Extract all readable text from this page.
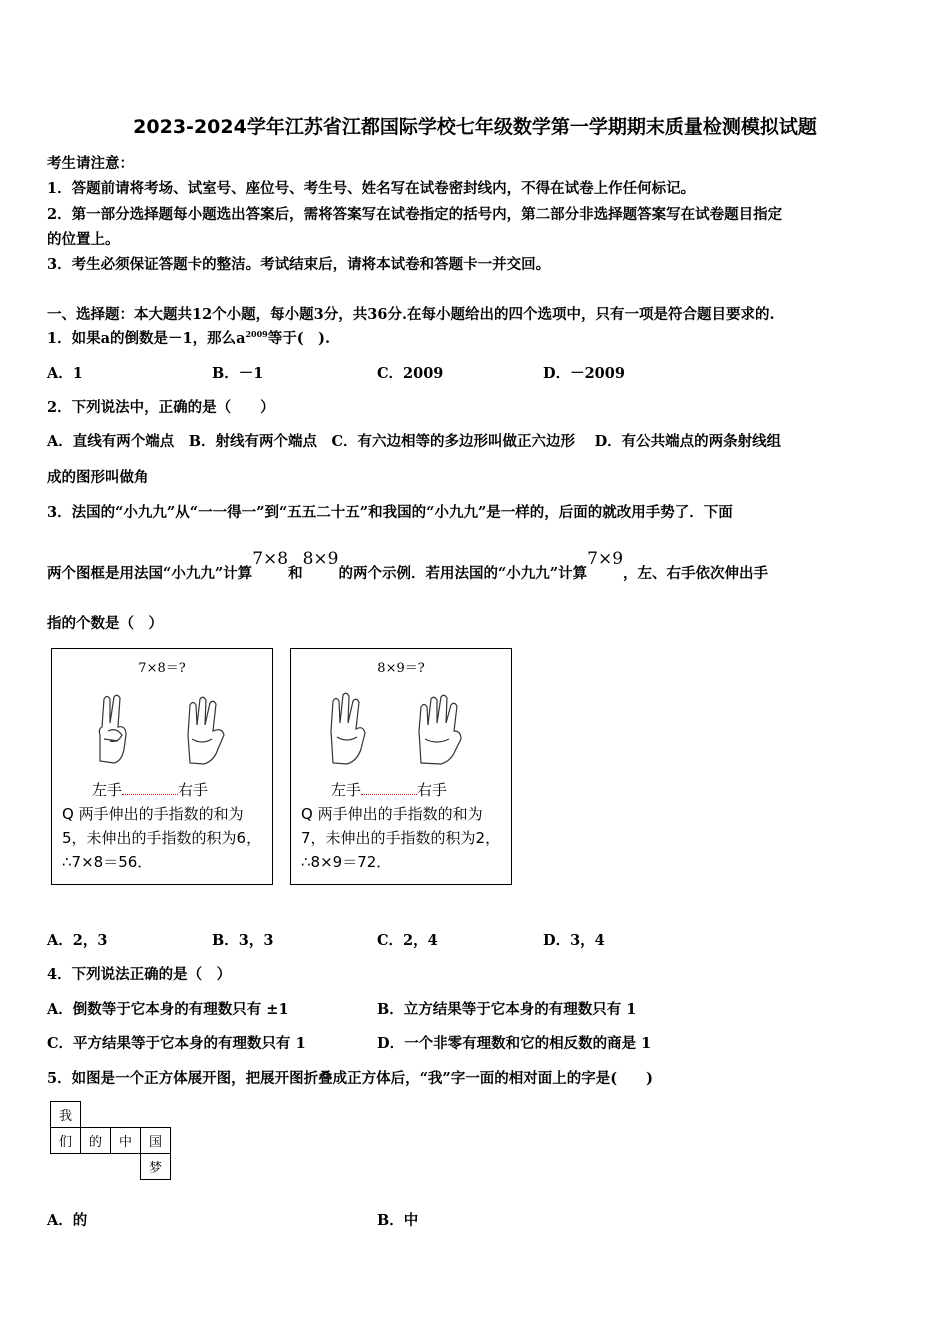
2023-2024学年江苏省江都国际学校七年级数学第一学期期末质量检测模拟试题
考生请注意：
1．答题前请将考场、试室号、座位号、考生号、姓名写在试卷密封线内，不得在试卷上作任何标记。
2．第一部分选择题每小题选出答案后，需将答案写在试卷指定的括号内，第二部分非选择题答案写在试卷题目指定
的位置上。
3．考生必须保证答题卡的整洁。考试结束后，请将本试卷和答题卡一并交回。
一、选择题：本大题共12个小题，每小题3分，共36分.在每小题给出的四个选项中，只有一项是符合题目要求的.
1．如果a的倒数是－1，那么$a^{2009}$等于(　).
A．1	B．－1	C．2009	D．－2009
2．下列说法中，正确的是（　　）
A．直线有两个端点　B．射线有两个端点　C．有六边相等的多边形叫做正六边形　 D．有公共端点的两条射线组
成的图形叫做角
3．法国的“小九九”从“一一得一”到“五五二十五”和我国的“小九九”是一样的，后面的就改用手势了．下面
两个图框是用法国“小九九”计算7×8和8×9的两个示例．若用法国的“小九九”计算7×9，左、右手依次伸出手
指的个数是（　）
7×8＝?
左手	右手
Q 两手伸出的手指数的和为5，未伸出的手指数的积为6，∴7×8＝56．
8×9＝?
左手	右手
Q 两手伸出的手指数的和为7，未伸出的手指数的积为2，∴8×9＝72．
A．2，3	B．3，3	C．2，4	D．3，4
4．下列说法正确的是（　）
A．倒数等于它本身的有理数只有 ±1	B．立方结果等于它本身的有理数只有 1
C．平方结果等于它本身的有理数只有 1	D．一个非零有理数和它的相反数的商是 1
5．如图是一个正方体展开图，把展开图折叠成正方体后，“我”字一面的相对面上的字是(　　)
我			
们	的	中	国
			梦
A．的	B．中
